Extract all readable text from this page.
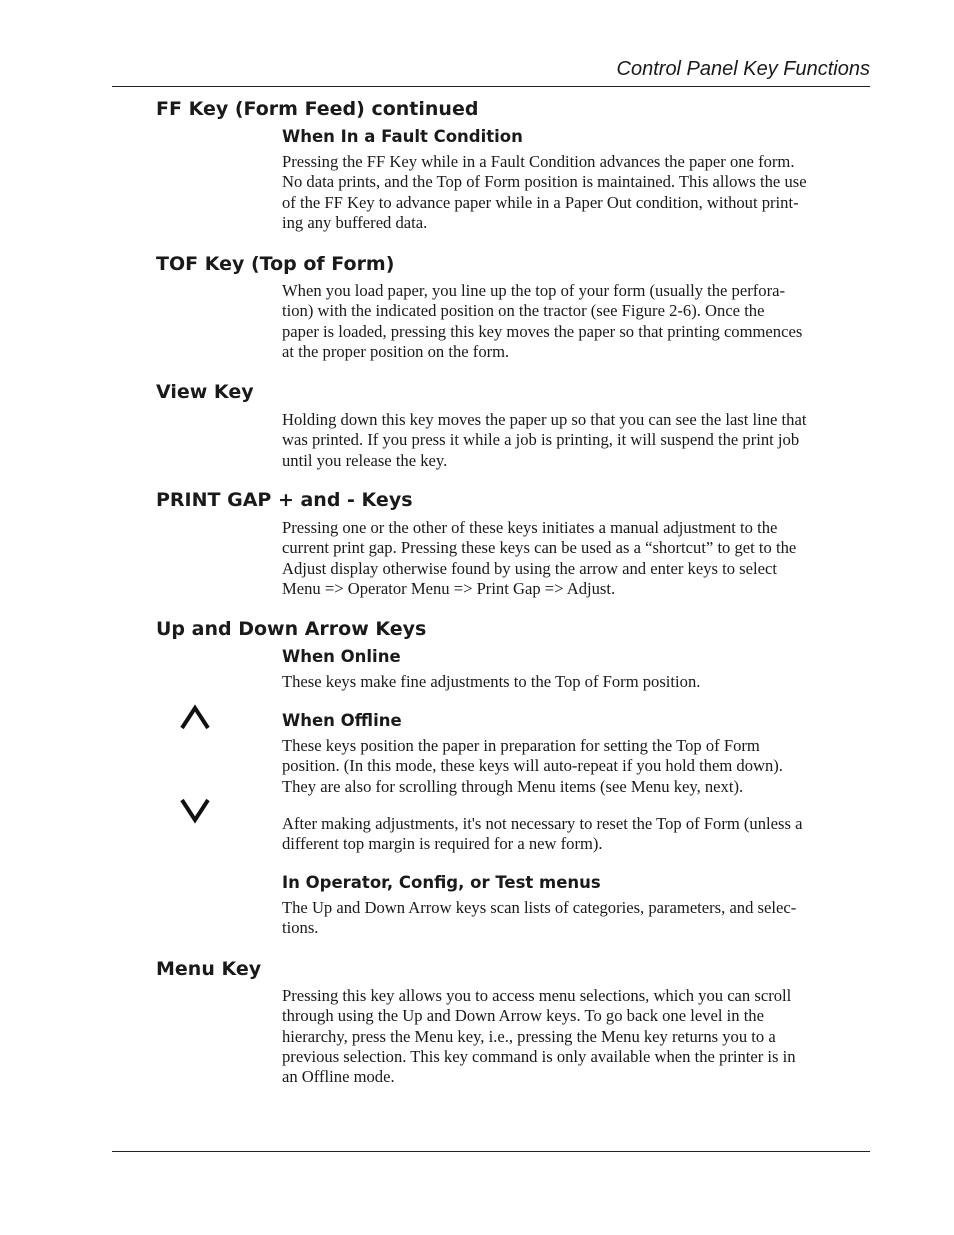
Control Panel Key Functions
FF Key (Form Feed) continued
When In a Fault Condition
Pressing the FF Key while in a Fault Condition advances the paper one form.
No data prints, and the Top of Form position is maintained. This allows the use
of the FF Key to advance paper while in a Paper Out condition, without print-
ing any buffered data.
TOF Key (Top of Form)
When you load paper, you line up the top of your form (usually the perfora-
tion) with the indicated position on the tractor (see Figure 2-6). Once the
paper is loaded, pressing this key moves the paper so that printing commences
at the proper position on the form.
View Key
Holding down this key moves the paper up so that you can see the last line that
was printed. If you press it while a job is printing, it will suspend the print job
until you release the key.
PRINT GAP + and - Keys
Pressing one or the other of these keys initiates a manual adjustment to the
current print gap. Pressing these keys can be used as a “shortcut” to get to the
Adjust display otherwise found by using the arrow and enter keys to select
Menu => Operator Menu => Print Gap => Adjust.
Up and Down Arrow Keys
When Online
These keys make fine adjustments to the Top of Form position.
When Offline
These keys position the paper in preparation for setting the Top of Form
position. (In this mode, these keys will auto-repeat if you hold them down).
They are also for scrolling through Menu items (see Menu key, next).
After making adjustments, it's not necessary to reset the Top of Form (unless a
different top margin is required for a new form).
In Operator, Config, or Test menus
The Up and Down Arrow keys scan lists of categories, parameters, and selec-
tions.
Menu Key
Pressing this key allows you to access menu selections, which you can scroll
through using the Up and Down Arrow keys. To go back one level in the
hierarchy, press the Menu key, i.e., pressing the Menu key returns you to a
previous selection. This key command is only available when the printer is in
an Offline mode.
